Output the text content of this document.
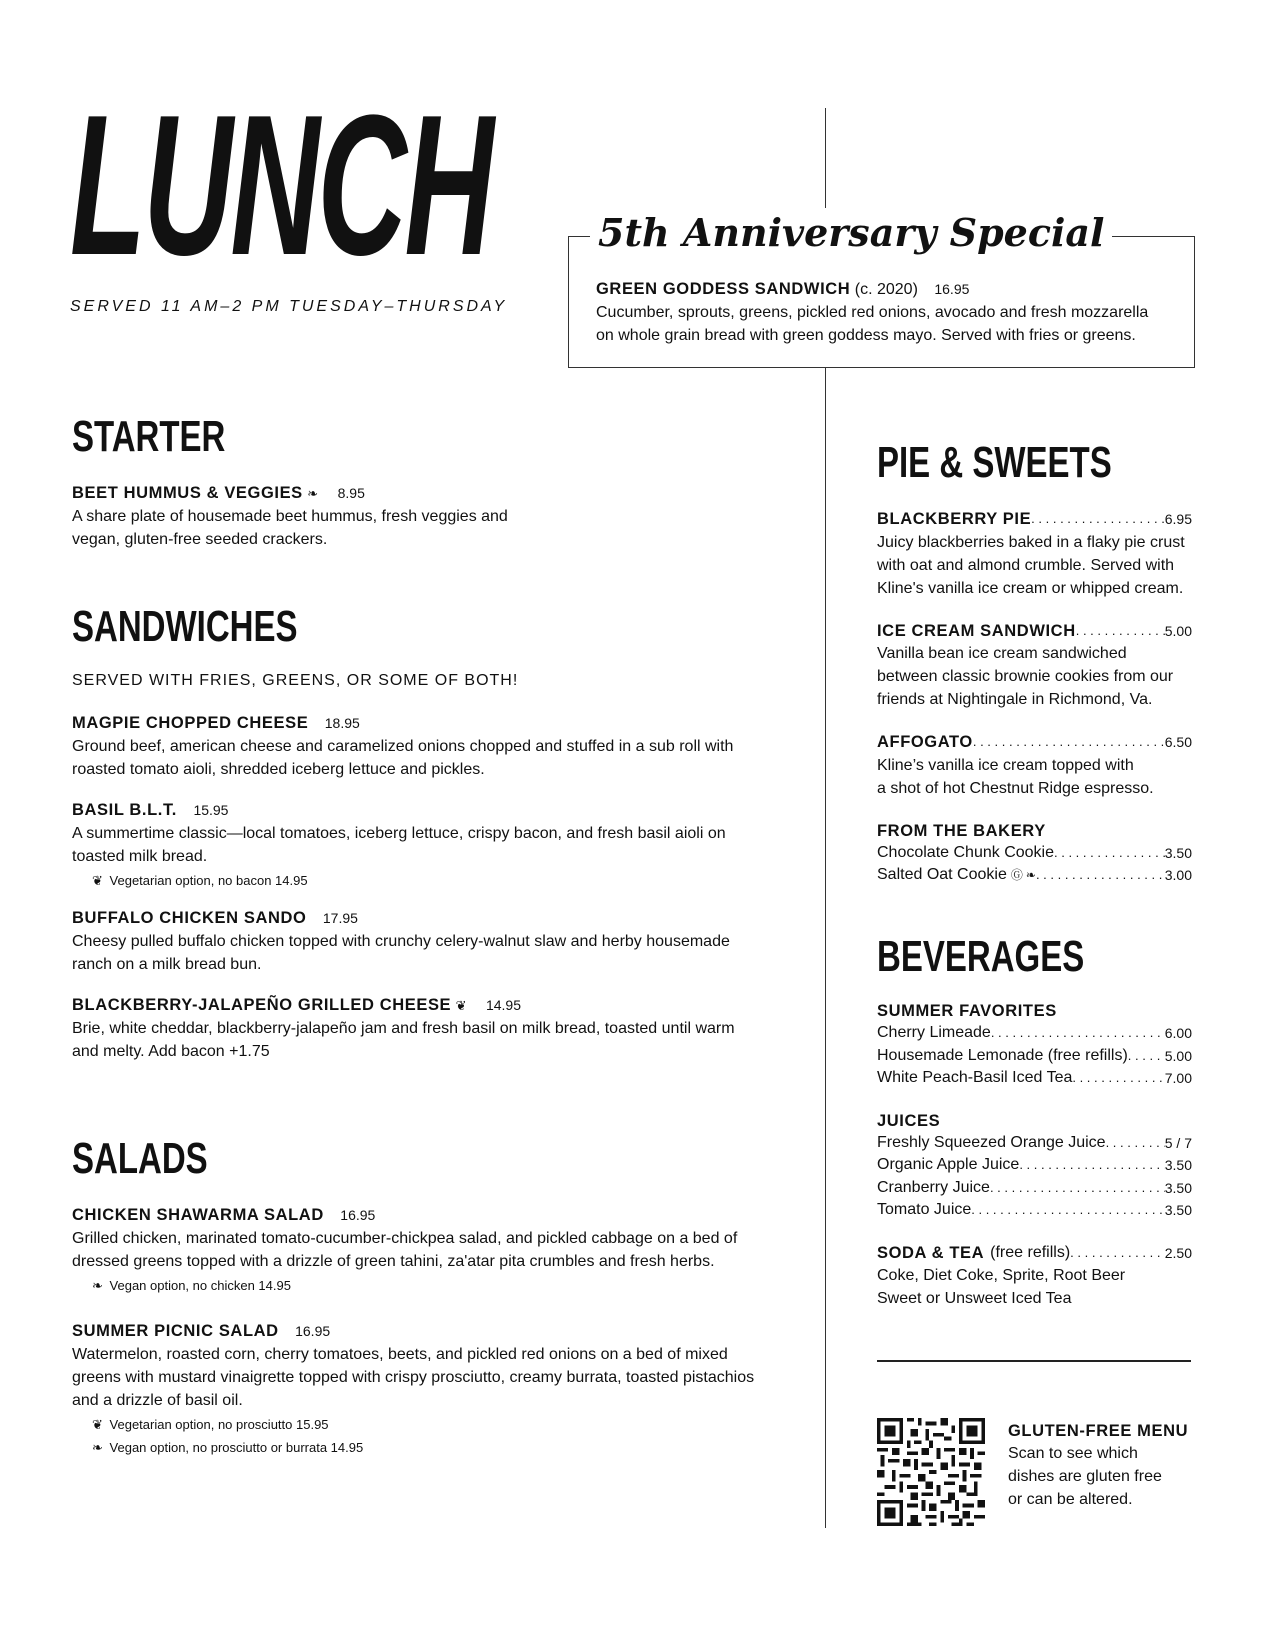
LUNCH
SERVED 11 AM–2 PM TUESDAY–THURSDAY
5th Anniversary Special
GREEN GODDESS SANDWICH (c. 2020) 16.95

Cucumber, sprouts, greens, pickled red onions, avocado and fresh mozzarella

on whole grain bread with green goddess mayo. Served with fries or greens.

STARTER
BEET HUMMUS & VEGGIES ❧ 8.95

A share plate of housemade beet hummus, fresh veggies and

vegan, gluten-free seeded crackers.

SANDWICHES
SERVED WITH FRIES, GREENS, OR SOME OF BOTH!
MAGPIE CHOPPED CHEESE 18.95

Ground beef, american cheese and caramelized onions chopped and stuffed in a sub roll with

roasted tomato aioli, shredded iceberg lettuce and pickles.

BASIL B.L.T. 15.95

A summertime classic—local tomatoes, iceberg lettuce, crispy bacon, and fresh basil aioli on

toasted milk bread.

❦ Vegetarian option, no bacon 14.95
BUFFALO CHICKEN SANDO 17.95

Cheesy pulled buffalo chicken topped with crunchy celery-walnut slaw and herby housemade

ranch on a milk bread bun.

BLACKBERRY-JALAPEÑO GRILLED CHEESE ❦ 14.95

Brie, white cheddar, blackberry-jalapeño jam and fresh basil on milk bread, toasted until warm

and melty. Add bacon +1.75

SALADS
CHICKEN SHAWARMA SALAD 16.95

Grilled chicken, marinated tomato-cucumber-chickpea salad, and pickled cabbage on a bed of

dressed greens topped with a drizzle of green tahini, za'atar pita crumbles and fresh herbs.

❧ Vegan option, no chicken 14.95
SUMMER PICNIC SALAD 16.95

Watermelon, roasted corn, cherry tomatoes, beets, and pickled red onions on a bed of mixed

greens with mustard vinaigrette topped with crispy prosciutto, creamy burrata, toasted pistachios

and a drizzle of basil oil.

❦ Vegetarian option, no prosciutto 15.95
❧ Vegan option, no prosciutto or burrata 14.95
PIE & SWEETS
BLACKBERRY PIE . . .	6.95

Juicy blackberries baked in a flaky pie crust

with oat and almond crumble. Served with

Kline's vanilla ice cream or whipped cream.

ICE CREAM SANDWICH . . .	5.00

Vanilla bean ice cream sandwiched

between classic brownie cookies from our

friends at Nightingale in Richmond, Va.

AFFOGATO . . .	6.50

Kline’s vanilla ice cream topped with

a shot of hot Chestnut Ridge espresso.

FROM THE BAKERY
Chocolate Chunk Cookie . . .	3.50
Salted Oat Cookie Ⓖ ❧ . . .	3.00
BEVERAGES
SUMMER FAVORITES
Cherry Limeade . . .	6.00
Housemade Lemonade (free refills) . . .	5.00
White Peach-Basil Iced Tea . . .	7.00
JUICES
Freshly Squeezed Orange Juice . . .	5 / 7
Organic Apple Juice . . .	3.50
Cranberry Juice . . .	3.50
Tomato Juice . . .	3.50
SODA & TEA (free refills) . . .	2.50

Coke, Diet Coke, Sprite, Root Beer

Sweet or Unsweet Iced Tea

GLUTEN-FREE MENU

Scan to see which

dishes are gluten free

or can be altered.
